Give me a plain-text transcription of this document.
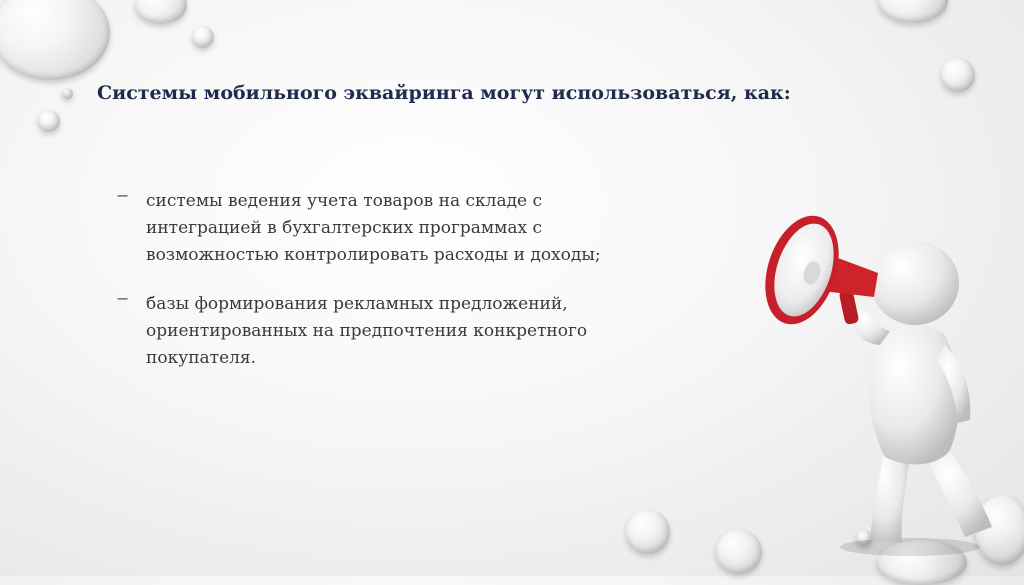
Системы мобильного эквайринга могут использоваться, как:
− системы ведения учета товаров на складе с интеграцией в бухгалтерских программах с возможностью контролировать расходы и доходы;
− базы формирования рекламных предложений, ориентированных на предпочтения конкретного покупателя.
